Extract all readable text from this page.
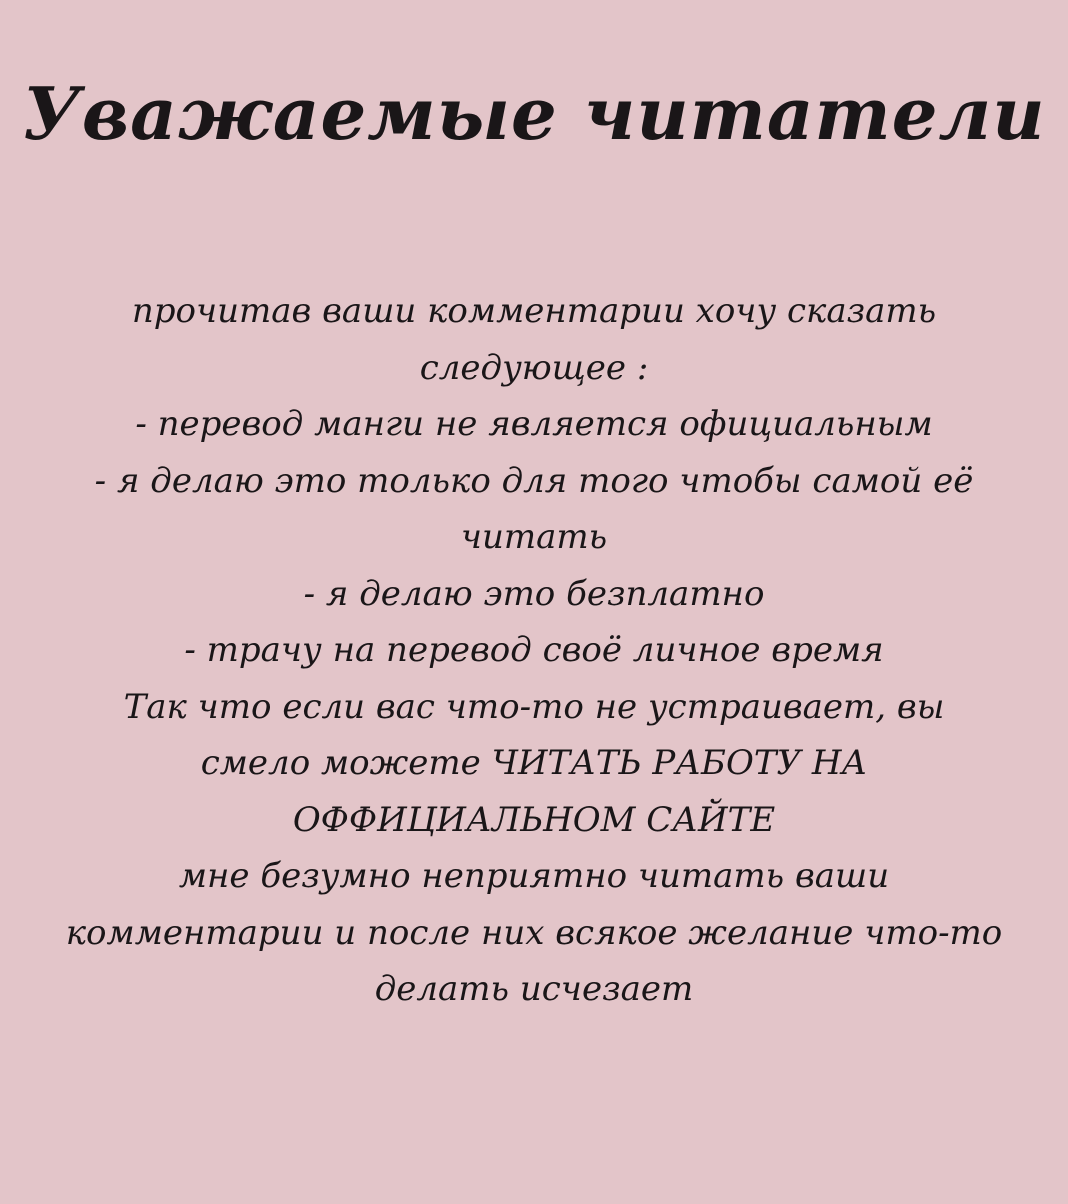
Уважаемые читатели
прочитав ваши комментарии хочу сказать
следующее :
- перевод манги не является официальным
- я делаю это только для того чтобы самой её
читать
- я делаю это безплатно
- трачу на перевод своё личное время
Так что если вас что-то не устраивает, вы
смело можете ЧИТАТЬ РАБОТУ НА
ОФФИЦИАЛЬНОМ САЙТЕ
мне безумно неприятно читать ваши
комментарии и после них всякое желание что-то
делать исчезает
